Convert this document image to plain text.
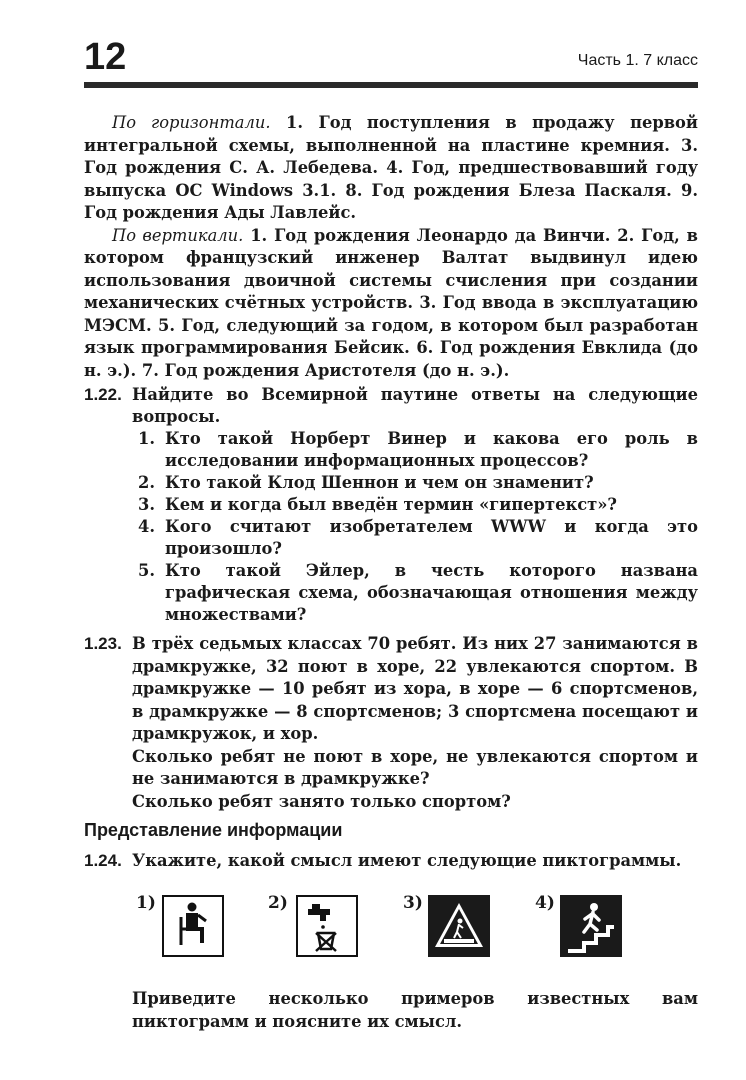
12	Часть 1. 7 класс

По горизонтали. 1. Год поступления в продажу первой интегральной схемы, выполненной на пластине кремния. 3. Год рождения С. А. Лебедева. 4. Год, предшествовавший году выпуска ОС Windows 3.1. 8. Год рождения Блеза Паскаля. 9. Год рождения Ады Лавлейс.

По вертикали. 1. Год рождения Леонардо да Винчи. 2. Год, в котором французский инженер Валтат выдвинул идею использования двоичной системы счисления при создании механических счётных устройств. 3. Год ввода в эксплуатацию МЭСМ. 5. Год, следующий за годом, в котором был разработан язык программирования Бейсик. 6. Год рождения Евклида (до н. э.). 7. Год рождения Аристотеля (до н. э.).

1.22. Найдите во Всемирной паутине ответы на следующие вопросы.

1. Кто такой Норберт Винер и какова его роль в исследовании информационных процессов?
2. Кто такой Клод Шеннон и чем он знаменит?
3. Кем и когда был введён термин «гипертекст»?
4. Кого считают изобретателем WWW и когда это произошло?
5. Кто такой Эйлер, в честь которого названа графическая схема, обозначающая отношения между множествами?
1.23. В трёх седьмых классах 70 ребят. Из них 27 занимаются в драмкружке, 32 поют в хоре, 22 увлекаются спортом. В драмкружке — 10 ребят из хора, в хоре — 6 спортсменов, в драмкружке — 8 спортсменов; 3 спортсмена посещают и драмкружок, и хор.

Сколько ребят не поют в хоре, не увлекаются спортом и не занимаются в драмкружке?

Сколько ребят занято только спортом?

Представление информации
1.24. Укажите, какой смысл имеют следующие пиктограммы.

1)	2)	3)	4)

Приведите несколько примеров известных вам пиктограмм и поясните их смысл.
